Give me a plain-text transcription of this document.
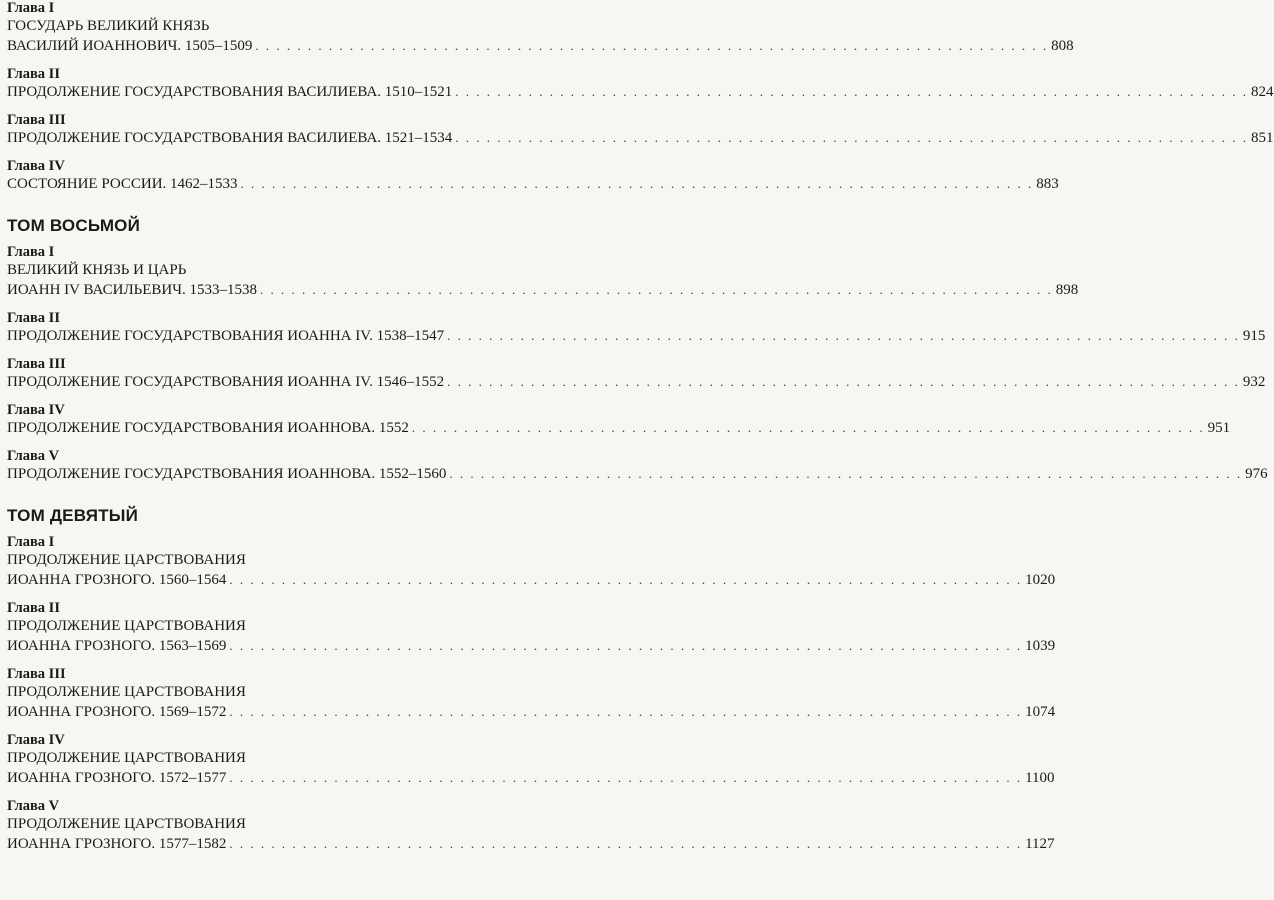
Глава I
ГОСУДАРЬ ВЕЛИКИЙ КНЯЗЬ
ВАСИЛИЙ ИОАННОВИЧ. 1505–1509 . . . . . . . . . . . . . . . . . . . . . . . . . . . . . . . . . . . . . . . . . . . . . . . . . . . . . . . . . . . . . . . . . . . . . . . . . . . . 808
Глава II
ПРОДОЛЖЕНИЕ ГОСУДАРСТВОВАНИЯ ВАСИЛИЕВА. 1510–1521 . . . . . . . . . . . . . . . . . . . . . . . . . . . . . . . . . . . . . . . . . . . . . . . . . . . . . . . . . . . . . . . . . . . . . . . . . . . . 824
Глава III
ПРОДОЛЖЕНИЕ ГОСУДАРСТВОВАНИЯ ВАСИЛИЕВА. 1521–1534 . . . . . . . . . . . . . . . . . . . . . . . . . . . . . . . . . . . . . . . . . . . . . . . . . . . . . . . . . . . . . . . . . . . . . . . . . . . . 851
Глава IV
СОСТОЯНИЕ РОССИИ. 1462–1533 . . . . . . . . . . . . . . . . . . . . . . . . . . . . . . . . . . . . . . . . . . . . . . . . . . . . . . . . . . . . . . . . . . . . . . . . . . . . 883
ТОМ ВОСЬМОЙ
Глава I
ВЕЛИКИЙ КНЯЗЬ И ЦАРЬ
ИОАНН IV ВАСИЛЬЕВИЧ. 1533–1538 . . . . . . . . . . . . . . . . . . . . . . . . . . . . . . . . . . . . . . . . . . . . . . . . . . . . . . . . . . . . . . . . . . . . . . . . . . . . 898
Глава II
ПРОДОЛЖЕНИЕ ГОСУДАРСТВОВАНИЯ ИОАННА IV. 1538–1547 . . . . . . . . . . . . . . . . . . . . . . . . . . . . . . . . . . . . . . . . . . . . . . . . . . . . . . . . . . . . . . . . . . . . . . . . . . . . 915
Глава III
ПРОДОЛЖЕНИЕ ГОСУДАРСТВОВАНИЯ ИОАННА IV. 1546–1552 . . . . . . . . . . . . . . . . . . . . . . . . . . . . . . . . . . . . . . . . . . . . . . . . . . . . . . . . . . . . . . . . . . . . . . . . . . . . 932
Глава IV
ПРОДОЛЖЕНИЕ ГОСУДАРСТВОВАНИЯ ИОАННОВА. 1552 . . . . . . . . . . . . . . . . . . . . . . . . . . . . . . . . . . . . . . . . . . . . . . . . . . . . . . . . . . . . . . . . . . . . . . . . . . . . 951
Глава V
ПРОДОЛЖЕНИЕ ГОСУДАРСТВОВАНИЯ ИОАННОВА. 1552–1560 . . . . . . . . . . . . . . . . . . . . . . . . . . . . . . . . . . . . . . . . . . . . . . . . . . . . . . . . . . . . . . . . . . . . . . . . . . . . 976
ТОМ ДЕВЯТЫЙ
Глава I
ПРОДОЛЖЕНИЕ ЦАРСТВОВАНИЯ
ИОАННА ГРОЗНОГО. 1560–1564 . . . . . . . . . . . . . . . . . . . . . . . . . . . . . . . . . . . . . . . . . . . . . . . . . . . . . . . . . . . . . . . . . . . . . . . . . . . . 1020
Глава II
ПРОДОЛЖЕНИЕ ЦАРСТВОВАНИЯ
ИОАННА ГРОЗНОГО. 1563–1569 . . . . . . . . . . . . . . . . . . . . . . . . . . . . . . . . . . . . . . . . . . . . . . . . . . . . . . . . . . . . . . . . . . . . . . . . . . . . 1039
Глава III
ПРОДОЛЖЕНИЕ ЦАРСТВОВАНИЯ
ИОАННА ГРОЗНОГО. 1569–1572 . . . . . . . . . . . . . . . . . . . . . . . . . . . . . . . . . . . . . . . . . . . . . . . . . . . . . . . . . . . . . . . . . . . . . . . . . . . . 1074
Глава IV
ПРОДОЛЖЕНИЕ ЦАРСТВОВАНИЯ
ИОАННА ГРОЗНОГО. 1572–1577 . . . . . . . . . . . . . . . . . . . . . . . . . . . . . . . . . . . . . . . . . . . . . . . . . . . . . . . . . . . . . . . . . . . . . . . . . . . . 1100
Глава V
ПРОДОЛЖЕНИЕ ЦАРСТВОВАНИЯ
ИОАННА ГРОЗНОГО. 1577–1582 . . . . . . . . . . . . . . . . . . . . . . . . . . . . . . . . . . . . . . . . . . . . . . . . . . . . . . . . . . . . . . . . . . . . . . . . . . . . 1127
